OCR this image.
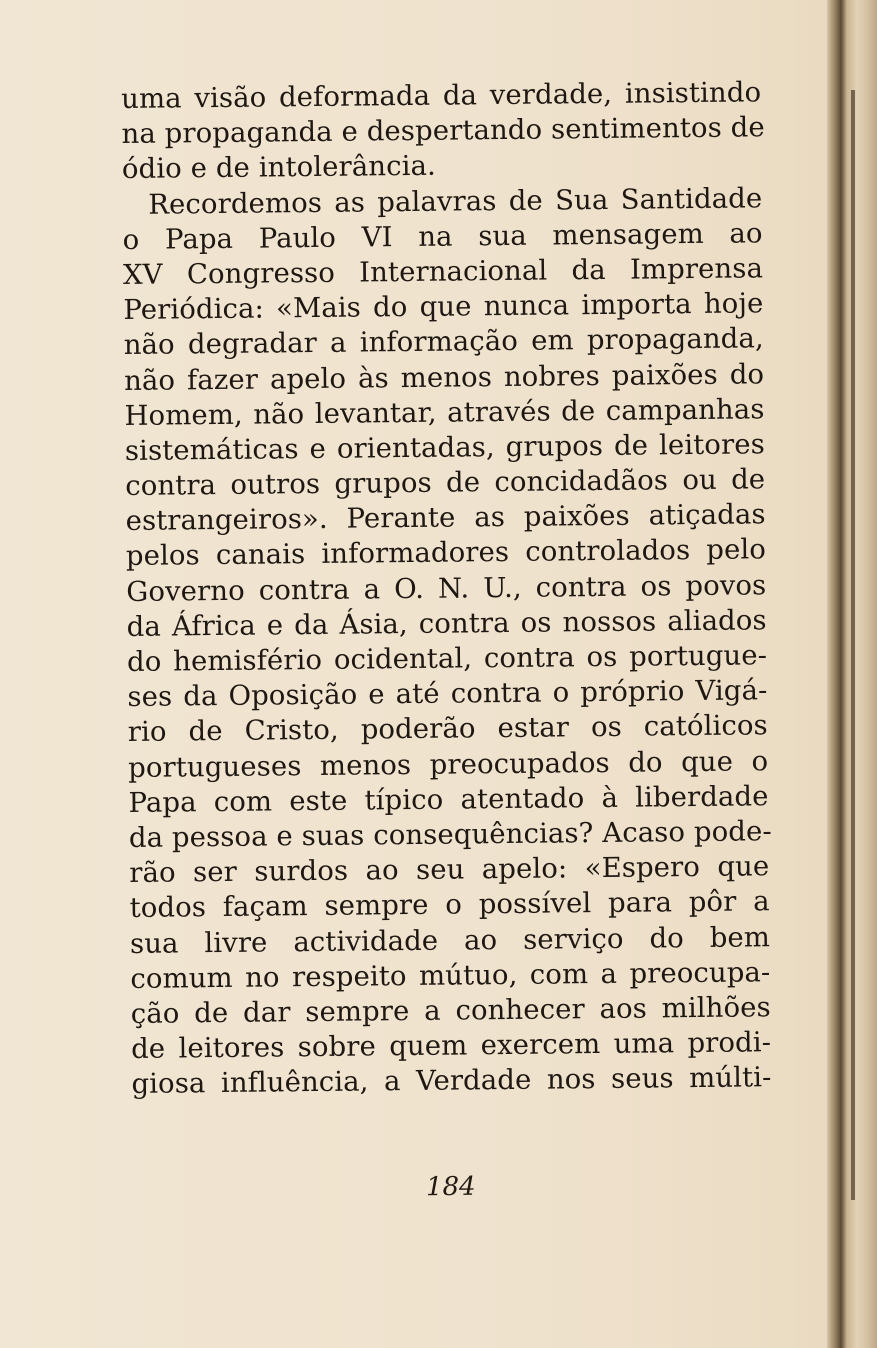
uma visão deformada da verdade, insistindo
na propaganda e despertando sentimentos de
ódio e de intolerância.
Recordemos as palavras de Sua Santidade
o Papa Paulo VI na sua mensagem ao
XV Congresso Internacional da Imprensa
Periódica: «Mais do que nunca importa hoje
não degradar a informação em propaganda,
não fazer apelo às menos nobres paixões do
Homem, não levantar, através de campanhas
sistemáticas e orientadas, grupos de leitores
contra outros grupos de concidadãos ou de
estrangeiros». Perante as paixões atiçadas
pelos canais informadores controlados pelo
Governo contra a O. N. U., contra os povos
da África e da Ásia, contra os nossos aliados
do hemisfério ocidental, contra os portugue-
ses da Oposição e até contra o próprio Vigá-
rio de Cristo, poderão estar os católicos
portugueses menos preocupados do que o
Papa com este típico atentado à liberdade
da pessoa e suas consequências? Acaso pode-
rão ser surdos ao seu apelo: «Espero que
todos façam sempre o possível para pôr a
sua livre actividade ao serviço do bem
comum no respeito mútuo, com a preocupa-
ção de dar sempre a conhecer aos milhões
de leitores sobre quem exercem uma prodi-
giosa influência, a Verdade nos seus múlti-
184
